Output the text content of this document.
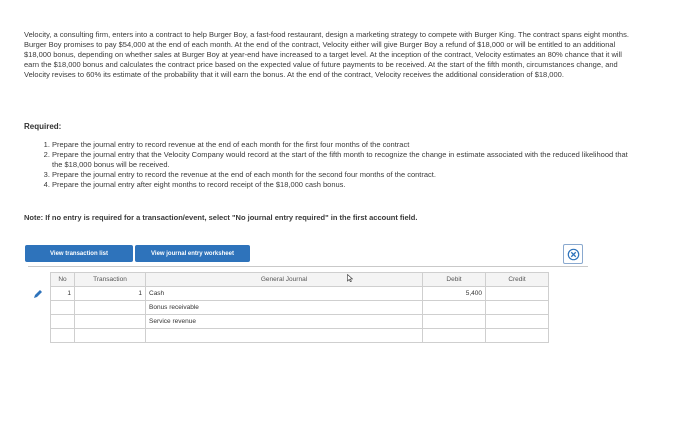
Velocity, a consulting firm, enters into a contract to help Burger Boy, a fast-food restaurant, design a marketing strategy to compete with Burger King. The contract spans eight months. Burger Boy promises to pay $54,000 at the end of each month. At the end of the contract, Velocity either will give Burger Boy a refund of $18,000 or will be entitled to an additional $18,000 bonus, depending on whether sales at Burger Boy at year-end have increased to a target level. At the inception of the contract, Velocity estimates an 80% chance that it will earn the $18,000 bonus and calculates the contract price based on the expected value of future payments to be received. At the start of the fifth month, circumstances change, and Velocity revises to 60% its estimate of the probability that it will earn the bonus. At the end of the contract, Velocity receives the additional consideration of $18,000.

Required:

1. Prepare the journal entry to record revenue at the end of each month for the first four months of the contract
2. Prepare the journal entry that the Velocity Company would record at the start of the fifth month to recognize the change in estimate associated with the reduced likelihood that the $18,000 bonus will be received.
3. Prepare the journal entry to record the revenue at the end of each month for the second four months of the contract.
4. Prepare the journal entry after eight months to record receipt of the $18,000 cash bonus.

Note: If no entry is required for a transaction/event, select "No journal entry required" in the first account field.

View transaction list	View journal entry worksheet
No	Transaction	General Journal	Debit	Credit
1	1	Cash	5,400	
		Bonus receivable		
		Service revenue		
